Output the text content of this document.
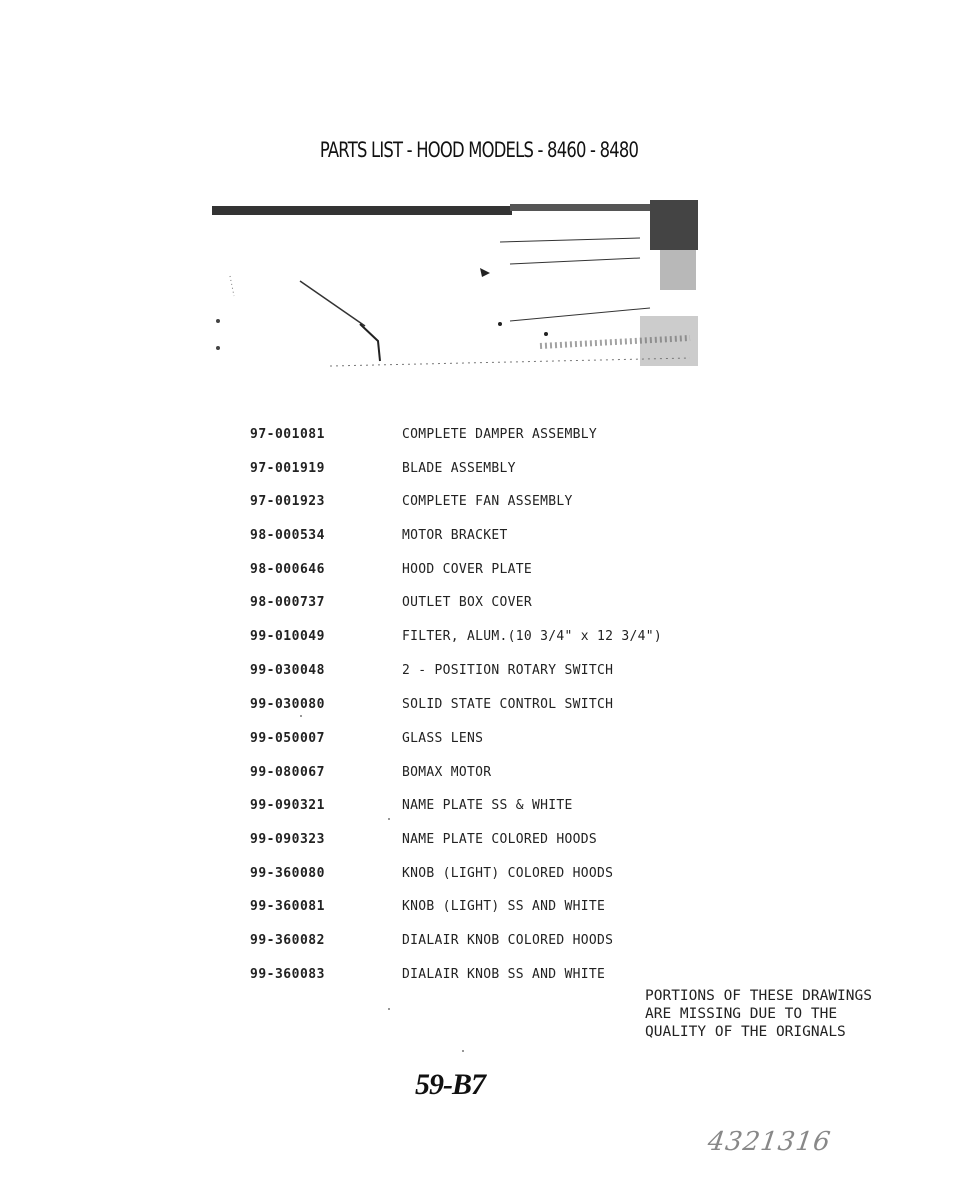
PARTS LIST - HOOD MODELS - 8460 - 8480
97-001081	COMPLETE DAMPER ASSEMBLY
97-001919	BLADE ASSEMBLY
97-001923	COMPLETE FAN ASSEMBLY
98-000534	MOTOR BRACKET
98-000646	HOOD COVER PLATE
98-000737	OUTLET BOX COVER
99-010049	FILTER, ALUM.(10 3/4" x 12 3/4")
99-030048	2 - POSITION ROTARY SWITCH
99-030080	SOLID STATE CONTROL SWITCH
99-050007	GLASS LENS
99-080067	BOMAX MOTOR
99-090321	NAME PLATE SS & WHITE
99-090323	NAME PLATE COLORED HOODS
99-360080	KNOB (LIGHT) COLORED HOODS
99-360081	KNOB (LIGHT) SS AND WHITE
99-360082	DIALAIR KNOB COLORED HOODS
99-360083	DIALAIR KNOB SS AND WHITE
PORTIONS OF THESE DRAWINGS
ARE MISSING DUE TO THE
QUALITY OF THE ORIGNALS
59-B7
4321316
